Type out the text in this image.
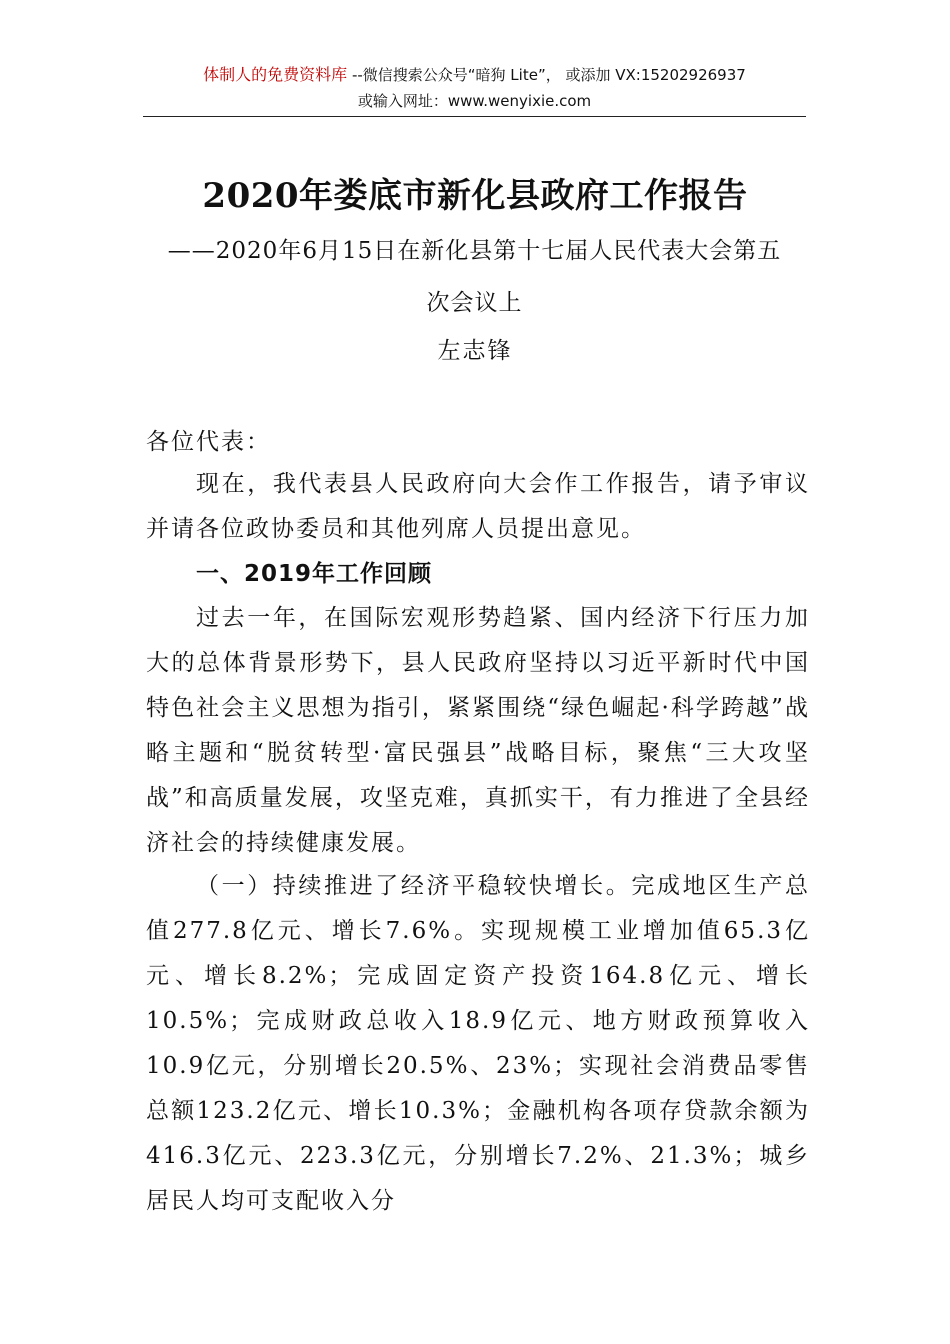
体制人的免费资料库 --微信搜索公众号“暗狗 Lite”， 或添加 VX:15202926937
或输入网址：www.wenyixie.com
2020年娄底市新化县政府工作报告
——2020年6月15日在新化县第十七届人民代表大会第五
次会议上
左志锋
各位代表：
现在，我代表县人民政府向大会作工作报告，请予审议并请各位政协委员和其他列席人员提出意见。
一、2019年工作回顾
过去一年，在国际宏观形势趋紧、国内经济下行压力加大的总体背景形势下，县人民政府坚持以习近平新时代中国特色社会主义思想为指引，紧紧围绕“绿色崛起·科学跨越”战略主题和“脱贫转型·富民强县”战略目标，聚焦“三大攻坚战”和高质量发展，攻坚克难，真抓实干，有力推进了全县经济社会的持续健康发展。
（一）持续推进了经济平稳较快增长。完成地区生产总值277.8亿元、增长7.6%。实现规模工业增加值65.3亿元、增长8.2%；完成固定资产投资164.8亿元、增长10.5%；完成财政总收入18.9亿元、地方财政预算收入10.9亿元，分别增长20.5%、23%；实现社会消费品零售总额123.2亿元、增长10.3%；金融机构各项存贷款余额为416.3亿元、223.3亿元，分别增长7.2%、21.3%；城乡居民人均可支配收入分
